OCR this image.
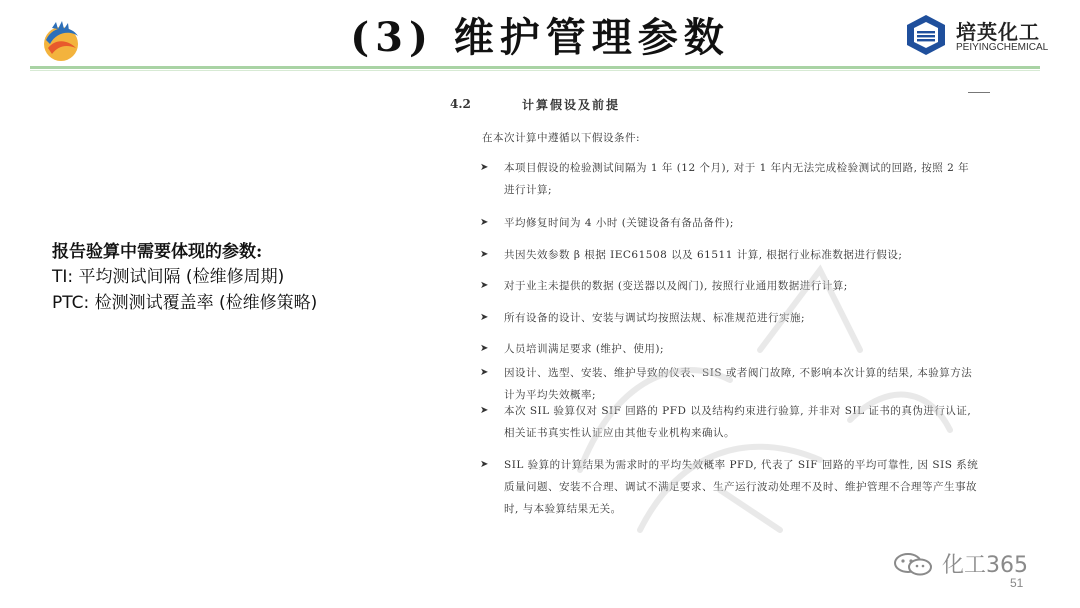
(3) 维护管理参数	培英化工
PEIYINGCHEMICAL
报告验算中需要体现的参数:
TI: 平均测试间隔 (检维修周期)
PTC: 检测测试覆盖率 (检维修策略)
4.2	计算假设及前提
在本次计算中遵循以下假设条件:
➤	本项目假设的检验测试间隔为 1 年 (12 个月), 对于 1 年内无法完成检验测试的回路, 按照 2 年进行计算;
➤	平均修复时间为 4 小时 (关键设备有备品备件);
➤	共因失效参数 β 根据 IEC61508 以及 61511 计算, 根据行业标准数据进行假设;
➤	对于业主未提供的数据 (变送器以及阀门), 按照行业通用数据进行计算;
➤	所有设备的设计、安装与调试均按照法规、标准规范进行实施;
➤	人员培训满足要求 (维护、使用);
➤	因设计、选型、安装、维护导致的仪表、SIS 或者阀门故障, 不影响本次计算的结果, 本验算方法计为平均失效概率;
➤	本次 SIL 验算仅对 SIF 回路的 PFD 以及结构约束进行验算, 并非对 SIL 证书的真伪进行认证, 相关证书真实性认证应由其他专业机构来确认。
➤	SIL 验算的计算结果为需求时的平均失效概率 PFD, 代表了 SIF 回路的平均可靠性, 因 SIS 系统质量问题、安装不合理、调试不满足要求、生产运行波动处理不及时、维护管理不合理等产生事故时, 与本验算结果无关。
化工365
51
